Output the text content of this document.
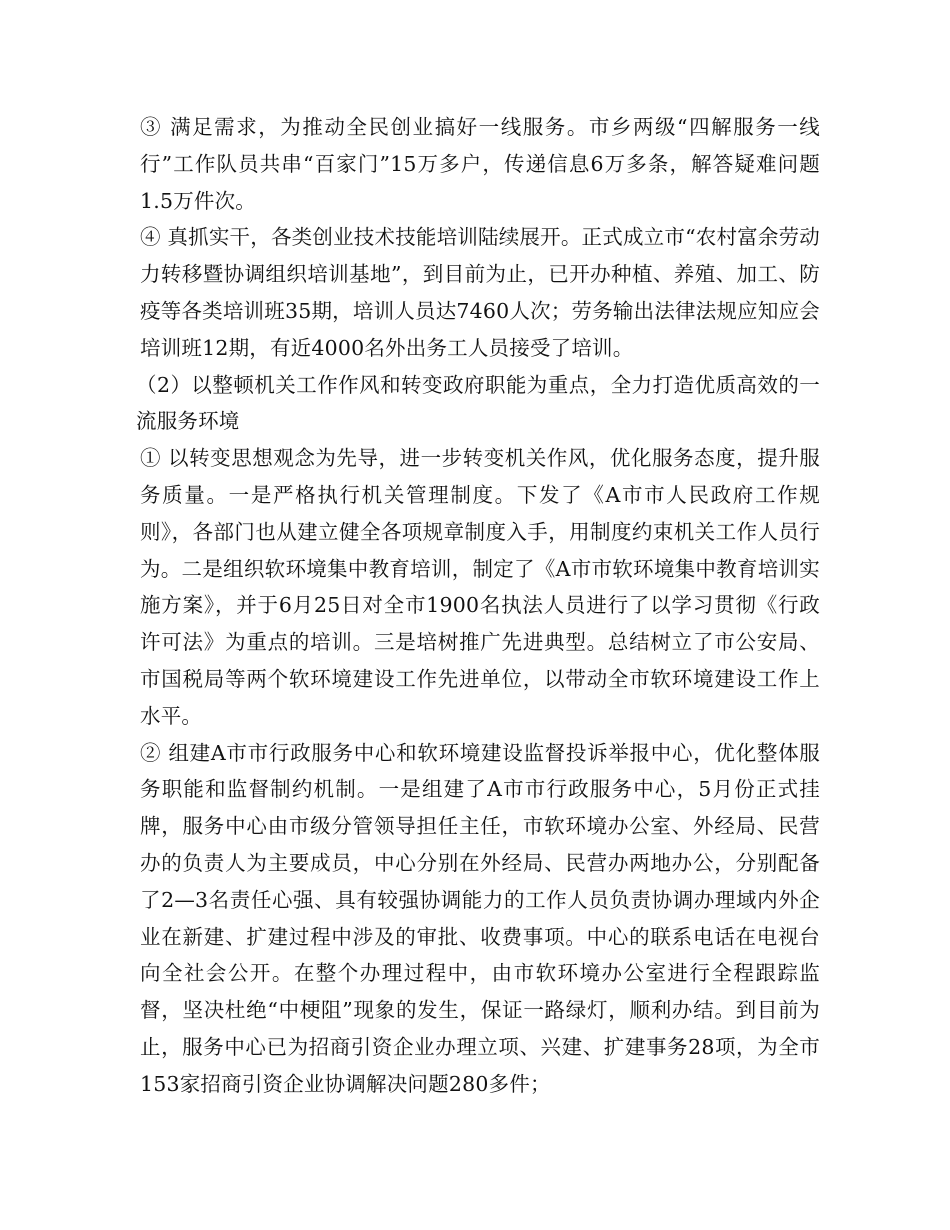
③ 满足需求，为推动全民创业搞好一线服务。市乡两级“四解服务一线行”工作队员共串“百家门”15万多户，传递信息6万多条，解答疑难问题1.5万件次。

④ 真抓实干，各类创业技术技能培训陆续展开。正式成立市“农村富余劳动力转移暨协调组织培训基地”，到目前为止，已开办种植、养殖、加工、防疫等各类培训班35期，培训人员达7460人次；劳务输出法律法规应知应会培训班12期，有近4000名外出务工人员接受了培训。

（2）以整顿机关工作作风和转变政府职能为重点，全力打造优质高效的一流服务环境

① 以转变思想观念为先导，进一步转变机关作风，优化服务态度，提升服务质量。一是严格执行机关管理制度。下发了《A市市人民政府工作规则》，各部门也从建立健全各项规章制度入手，用制度约束机关工作人员行为。二是组织软环境集中教育培训，制定了《A市市软环境集中教育培训实施方案》，并于6月25日对全市1900名执法人员进行了以学习贯彻《行政许可法》为重点的培训。三是培树推广先进典型。总结树立了市公安局、市国税局等两个软环境建设工作先进单位，以带动全市软环境建设工作上水平。

② 组建A市市行政服务中心和软环境建设监督投诉举报中心，优化整体服务职能和监督制约机制。一是组建了A市市行政服务中心，5月份正式挂牌，服务中心由市级分管领导担任主任，市软环境办公室、外经局、民营办的负责人为主要成员，中心分别在外经局、民营办两地办公，分别配备了2—3名责任心强、具有较强协调能力的工作人员负责协调办理域内外企业在新建、扩建过程中涉及的审批、收费事项。中心的联系电话在电视台向全社会公开。在整个办理过程中，由市软环境办公室进行全程跟踪监督，坚决杜绝“中梗阻”现象的发生，保证一路绿灯，顺利办结。到目前为止，服务中心已为招商引资企业办理立项、兴建、扩建事务28项，为全市153家招商引资企业协调解决问题280多件；
